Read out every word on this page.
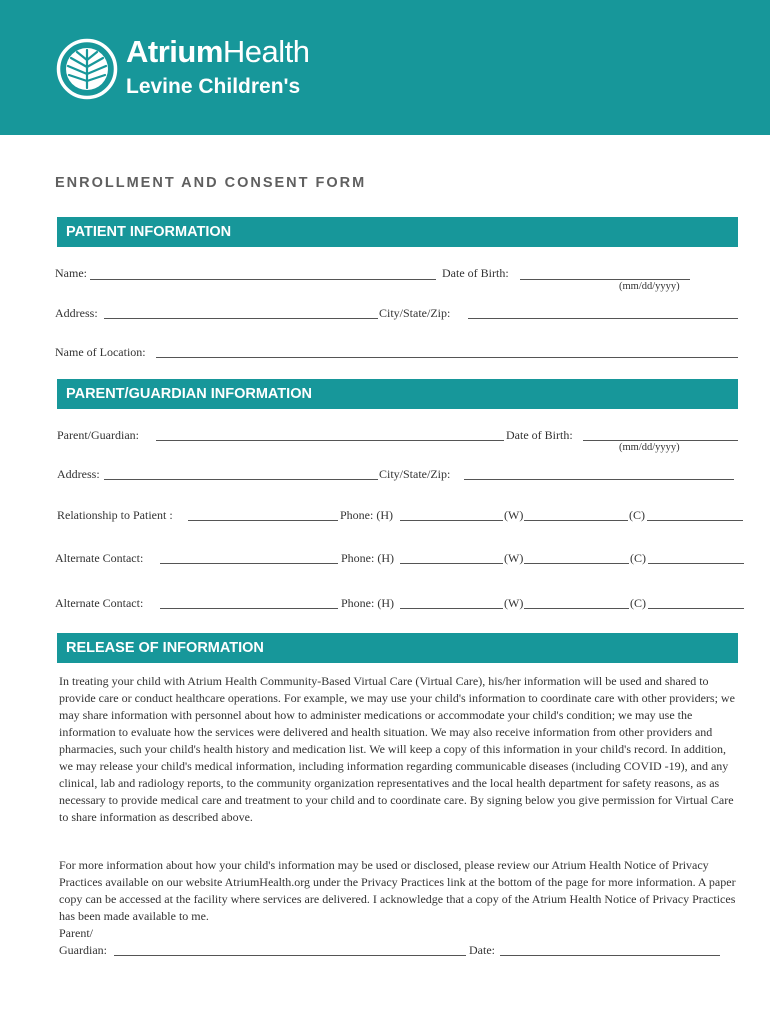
AtriumHealth
Levine Children's
ENROLLMENT AND CONSENT FORM
PATIENT INFORMATION
Name:	Date of Birth:
(mm/dd/yyyy)
Address:	City/State/Zip:
Name of Location:
PARENT/GUARDIAN INFORMATION
Parent/Guardian:	Date of Birth:
(mm/dd/yyyy)
Address:	City/State/Zip:
Relationship to Patient :	Phone: (H)	(W)	(C)
Alternate Contact:	Phone: (H)	(W)	(C)
Alternate Contact:	Phone: (H)	(W)	(C)
RELEASE OF INFORMATION

In treating your child with Atrium Health Community-Based Virtual Care (Virtual Care), his/her information will be used and shared to provide care or conduct healthcare operations. For example, we may use your child's information to coordinate care with other providers; we may share information with personnel about how to administer medications or accommodate your child's condition; we may use the information to evaluate how the services were delivered and health situation. We may also receive information from other providers and pharmacies, such your child's health history and medication list. We will keep a copy of this information in your child's record. In addition, we may release your child's medical information, including information regarding communicable diseases (including COVID -19), and any clinical, lab and radiology reports, to the community organization representatives and the local health department for safety reasons, as as necessary to provide medical care and treatment to your child and to coordinate care. By signing below you give permission for Virtual Care to share information as described above.

For more information about how your child's information may be used or disclosed, please review our Atrium Health Notice of Privacy Practices available on our website AtriumHealth.org under the Privacy Practices link at the bottom of the page for more information. A paper copy can be accessed at the facility where services are delivered. I acknowledge that a copy of the Atrium Health Notice of Privacy Practices has been made available to me.

Parent/
Guardian:	Date:
